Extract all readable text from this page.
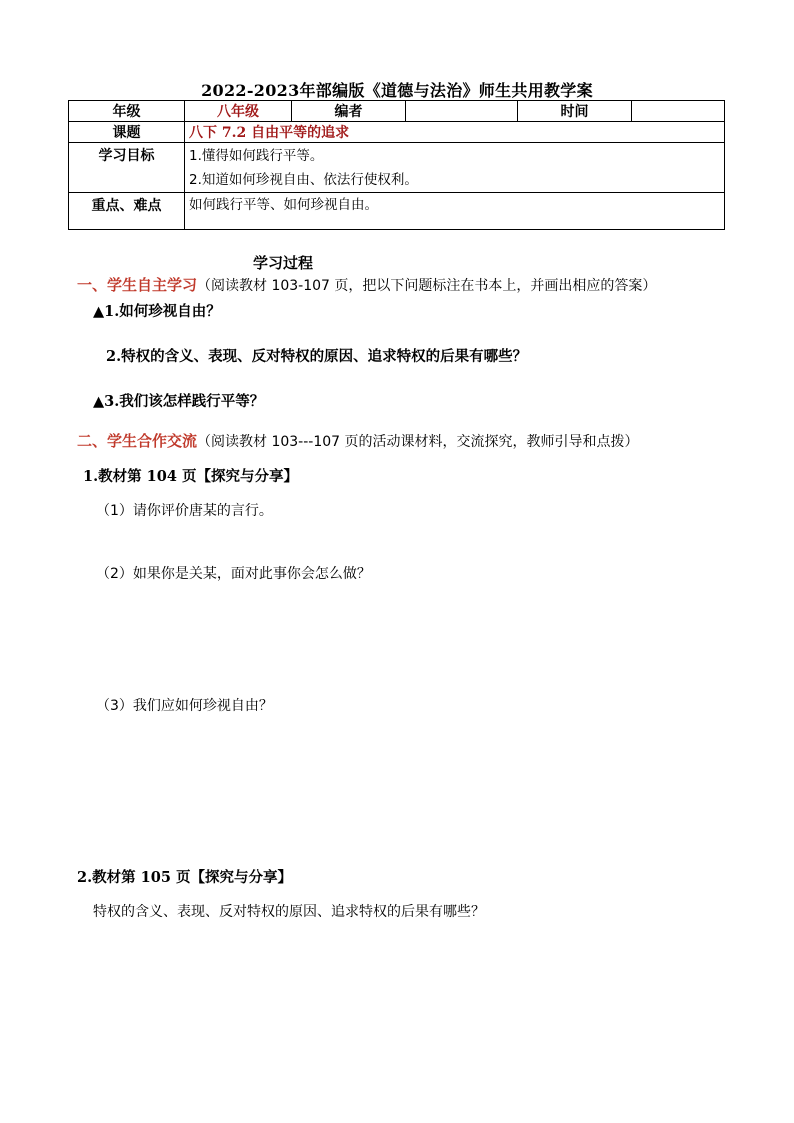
2022-2023年部编版《道德与法治》师生共用教学案
年级	八年级	编者		时间	
课题	八下 7.2 自由平等的追求				
学习目标	1.懂得如何践行平等。
2.知道如何珍视自由、依法行使权利。				

重点、难点	如何践行平等、如何珍视自由。				
学习过程
一、学生自主学习（阅读教材 103-107 页，把以下问题标注在书本上，并画出相应的答案）
▲1.如何珍视自由？
2.特权的含义、表现、反对特权的原因、追求特权的后果有哪些？
▲3.我们该怎样践行平等？
二、学生合作交流（阅读教材 103---107 页的活动课材料，交流探究，教师引导和点拨）
1.教材第 104 页【探究与分享】
（1）请你评价唐某的言行。
（2）如果你是关某，面对此事你会怎么做？
（3）我们应如何珍视自由？
2.教材第 105 页【探究与分享】
特权的含义、表现、反对特权的原因、追求特权的后果有哪些？
